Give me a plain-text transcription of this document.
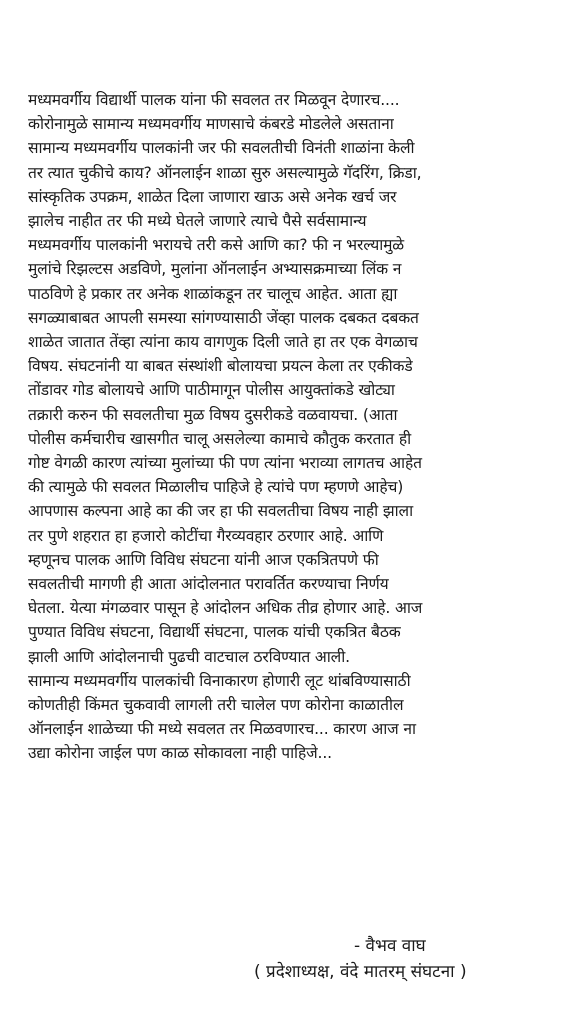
मध्यमवर्गीय विद्यार्थी पालक यांना फी सवलत तर मिळवून देणारच....
कोरोनामुळे सामान्य मध्यमवर्गीय माणसाचे कंबरडे मोडलेले असताना
सामान्य मध्यमवर्गीय पालकांनी जर फी सवलतीची विनंती शाळांना केली
तर त्यात चुकीचे काय? ऑनलाईन शाळा सुरु असल्यामुळे गॅदरिंग, क्रिडा,
सांस्कृतिक उपक्रम, शाळेत दिला जाणारा खाऊ असे अनेक खर्च जर
झालेच नाहीत तर फी मध्ये घेतले जाणारे त्याचे पैसे सर्वसामान्य
मध्यमवर्गीय पालकांनी भरायचे तरी कसे आणि का? फी न भरल्यामुळे
मुलांचे रिझल्टस अडविणे, मुलांना ऑनलाईन अभ्यासक्रमाच्या लिंक न
पाठविणे हे प्रकार तर अनेक शाळांकडून तर चालूच आहेत. आता ह्या
सगळ्याबाबत आपली समस्या सांगण्यासाठी जेंव्हा पालक दबकत दबकत
शाळेत जातात तेंव्हा त्यांना काय वागणुक दिली जाते हा तर एक वेगळाच
विषय. संघटनांनी या बाबत संस्थांशी बोलायचा प्रयत्न केला तर एकीकडे
तोंडावर गोड बोलायचे आणि पाठीमागून पोलीस आयुक्तांकडे खोट्या
तक्रारी करुन फी सवलतीचा मुळ विषय दुसरीकडे वळवायचा. (आता
पोलीस कर्मचारीच खासगीत चालू असलेल्या कामाचे कौतुक करतात ही
गोष्ट वेगळी कारण त्यांच्या मुलांच्या फी पण त्यांना भराव्या लागतच आहेत
की त्यामुळे फी सवलत मिळालीच पाहिजे हे त्यांचे पण म्हणणे आहेच)
आपणास कल्पना आहे का की जर हा फी सवलतीचा विषय नाही झाला
तर पुणे शहरात हा हजारो कोटींचा गैरव्यवहार ठरणार आहे. आणि
म्हणूनच पालक आणि विविध संघटना यांनी आज एकत्रितपणे फी
सवलतीची मागणी ही आता आंदोलनात परावर्तित करण्याचा निर्णय
घेतला. येत्या मंगळवार पासून हे आंदोलन अधिक तीव्र होणार आहे. आज
पुण्यात विविध संघटना, विद्यार्थी संघटना, पालक यांची एकत्रित बैठक
झाली आणि आंदोलनाची पुढची वाटचाल ठरविण्यात आली.
सामान्य मध्यमवर्गीय पालकांची विनाकारण होणारी लूट थांबविण्यासाठी
कोणतीही किंमत चुकवावी लागली तरी चालेल पण कोरोना काळातील
ऑनलाईन शाळेच्या फी मध्ये सवलत तर मिळवणारच... कारण आज ना
उद्या कोरोना जाईल पण काळ सोकावला नाही पाहिजे...
- वैभव वाघ
( प्रदेशाध्यक्ष, वंदे मातरम् संघटना )
